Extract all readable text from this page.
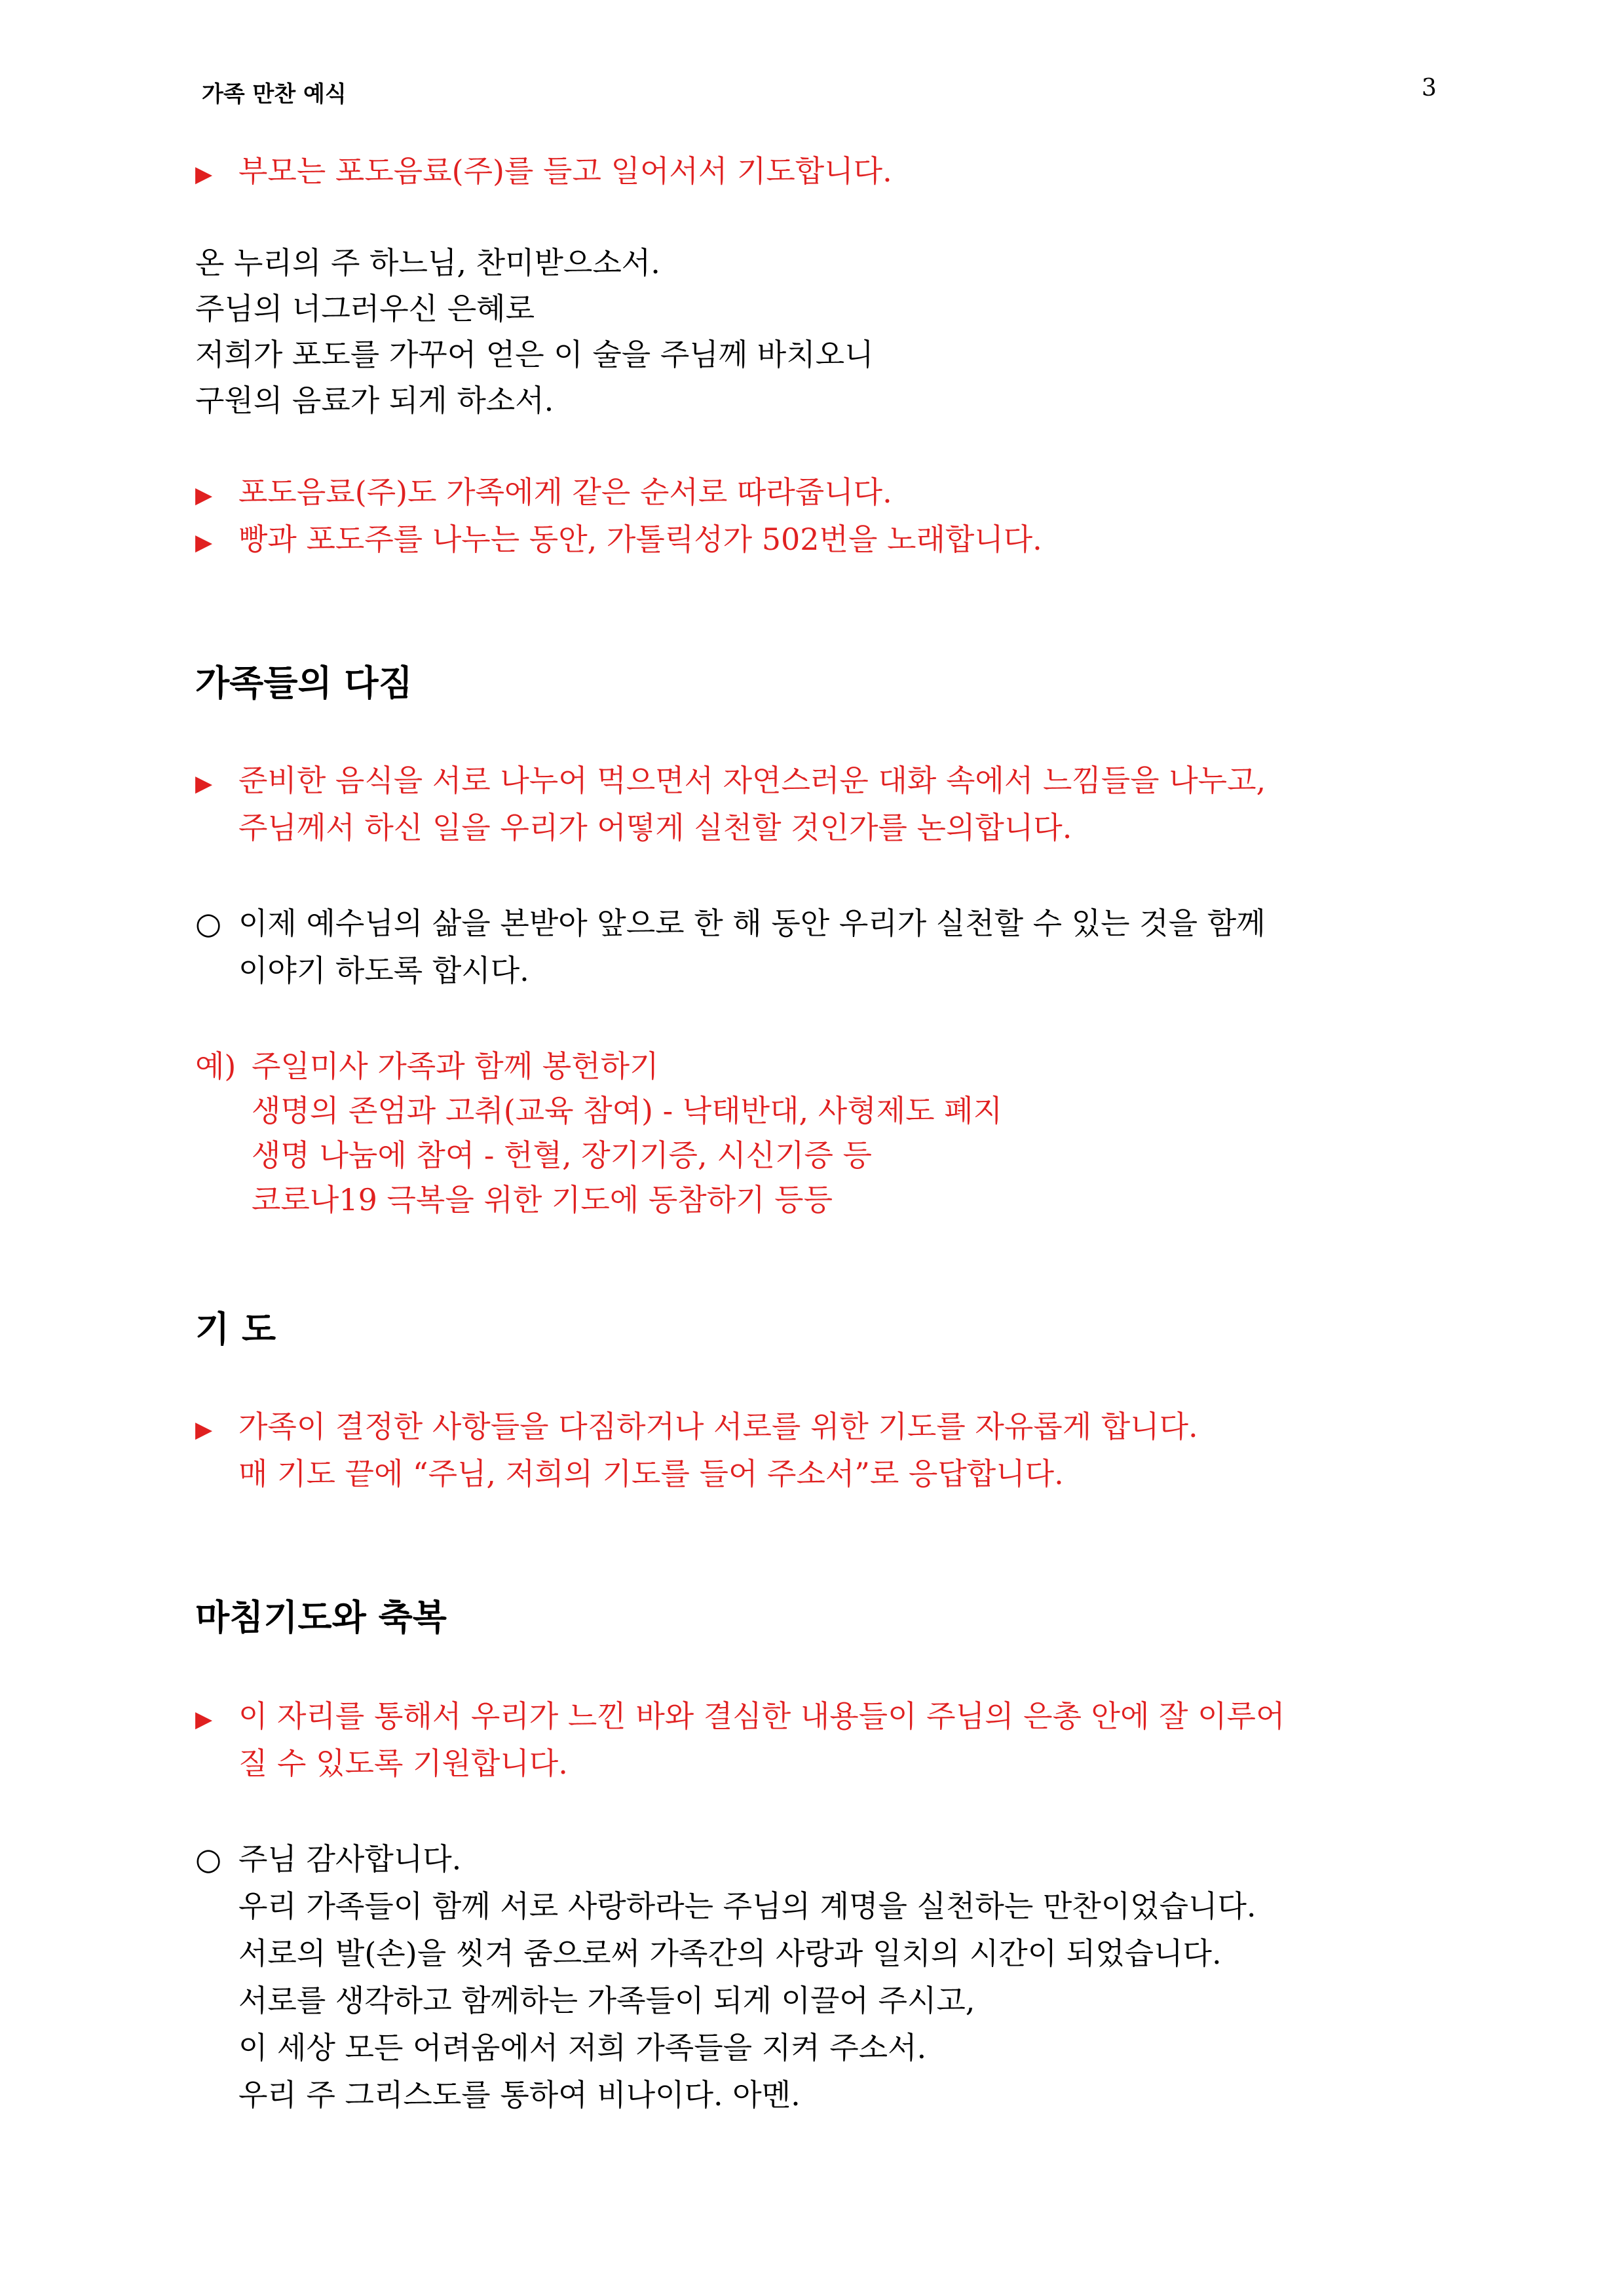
가족 만찬 예식	3
▶ 부모는 포도음료(주)를 들고 일어서서 기도합니다.
온 누리의 주 하느님, 찬미받으소서.
주님의 너그러우신 은혜로
저희가 포도를 가꾸어 얻은 이 술을 주님께 바치오니
구원의 음료가 되게 하소서.
▶ 포도음료(주)도 가족에게 같은 순서로 따라줍니다.
▶ 빵과 포도주를 나누는 동안, 가톨릭성가 502번을 노래합니다.
가족들의 다짐
▶ 준비한 음식을 서로 나누어 먹으면서 자연스러운 대화 속에서 느낌들을 나누고,
주님께서 하신 일을 우리가 어떻게 실천할 것인가를 논의합니다.
○ 이제 예수님의 삶을 본받아 앞으로 한 해 동안 우리가 실천할 수 있는 것을 함께
이야기 하도록 합시다.
예) 주일미사 가족과 함께 봉헌하기
생명의 존엄과 고취(교육 참여) - 낙태반대, 사형제도 폐지
생명 나눔에 참여 - 헌혈, 장기기증, 시신기증 등
코로나19 극복을 위한 기도에 동참하기 등등
기 도
▶ 가족이 결정한 사항들을 다짐하거나 서로를 위한 기도를 자유롭게 합니다.
매 기도 끝에 “주님, 저희의 기도를 들어 주소서”로 응답합니다.
마침기도와 축복
▶ 이 자리를 통해서 우리가 느낀 바와 결심한 내용들이 주님의 은총 안에 잘 이루어
질 수 있도록 기원합니다.
○ 주님 감사합니다.
우리 가족들이 함께 서로 사랑하라는 주님의 계명을 실천하는 만찬이었습니다.
서로의 발(손)을 씻겨 줌으로써 가족간의 사랑과 일치의 시간이 되었습니다.
서로를 생각하고 함께하는 가족들이 되게 이끌어 주시고,
이 세상 모든 어려움에서 저희 가족들을 지켜 주소서.
우리 주 그리스도를 통하여 비나이다. 아멘.
